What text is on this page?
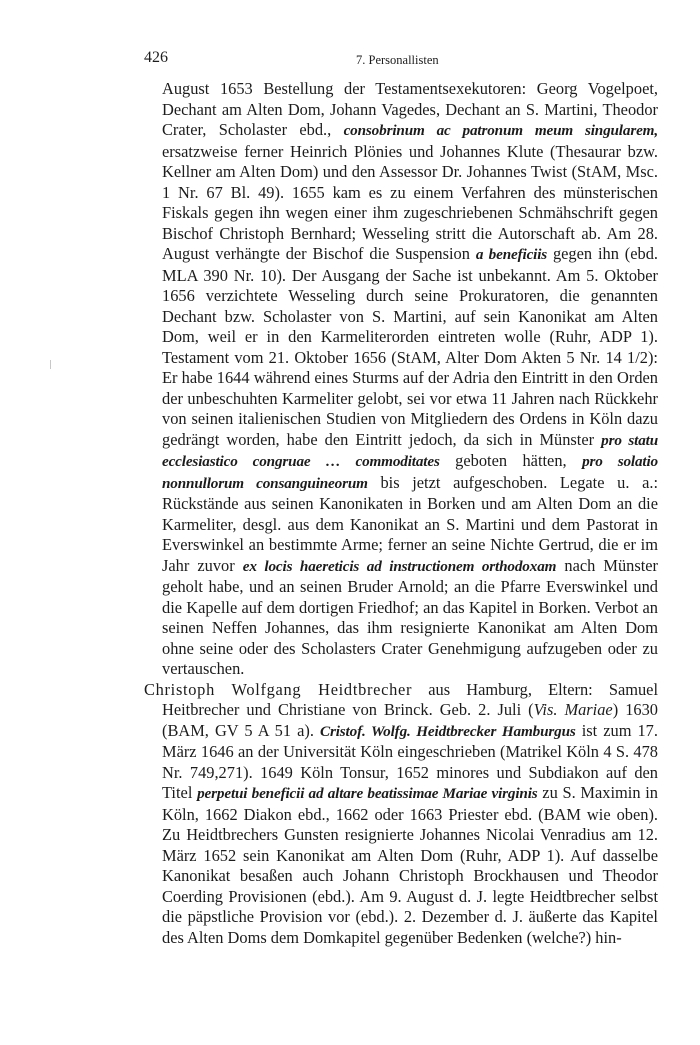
426	7. Personallisten

August 1653 Bestellung der Testamentsexekutoren: Georg Vogelpoet, Dechant am Alten Dom, Johann Vagedes, Dechant an S. Martini, Theodor Crater, Scholaster ebd., consobrinum ac patronum meum singularem, ersatzweise ferner Heinrich Plönies und Johannes Klute (Thesaurar bzw. Kellner am Alten Dom) und den Assessor Dr. Johannes Twist (StAM, Msc. 1 Nr. 67 Bl. 49). 1655 kam es zu einem Verfahren des münsterischen Fiskals gegen ihn wegen einer ihm zugeschriebenen Schmähschrift gegen Bischof Christoph Bernhard; Wesseling stritt die Autorschaft ab. Am 28. August verhängte der Bischof die Suspension a beneficiis gegen ihn (ebd. MLA 390 Nr. 10). Der Ausgang der Sache ist unbekannt. Am 5. Oktober 1656 verzichtete Wesseling durch seine Prokuratoren, die genannten Dechant bzw. Scholaster von S. Martini, auf sein Kanonikat am Alten Dom, weil er in den Karmeliterorden eintreten wolle (Ruhr, ADP 1). Testament vom 21. Oktober 1656 (StAM, Alter Dom Akten 5 Nr. 14 1/2): Er habe 1644 während eines Sturms auf der Adria den Eintritt in den Orden der unbeschuhten Karmeliter gelobt, sei vor etwa 11 Jahren nach Rückkehr von seinen italienischen Studien von Mitgliedern des Ordens in Köln dazu gedrängt worden, habe den Eintritt jedoch, da sich in Münster pro statu ecclesiastico congruae … commoditates geboten hätten, pro solatio nonnullorum consanguineorum bis jetzt aufgeschoben. Legate u. a.: Rückstände aus seinen Kanonikaten in Borken und am Alten Dom an die Karmeliter, desgl. aus dem Kanonikat an S. Martini und dem Pastorat in Everswinkel an bestimmte Arme; ferner an seine Nichte Gertrud, die er im Jahr zuvor ex locis haereticis ad instructionem orthodoxam nach Münster geholt habe, und an seinen Bruder Arnold; an die Pfarre Everswinkel und die Kapelle auf dem dortigen Friedhof; an das Kapitel in Borken. Verbot an seinen Neffen Johannes, das ihm resignierte Kanonikat am Alten Dom ohne seine oder des Scholasters Crater Genehmigung aufzugeben oder zu vertauschen.

Christoph Wolfgang Heidtbrecher aus Hamburg, Eltern: Samuel Heitbrecher und Christiane von Brinck. Geb. 2. Juli (Vis. Mariae) 1630 (BAM, GV 5 A 51 a). Cristof. Wolfg. Heidtbrecker Hamburgus ist zum 17. März 1646 an der Universität Köln eingeschrieben (Matrikel Köln 4 S. 478 Nr. 749,271). 1649 Köln Tonsur, 1652 minores und Subdiakon auf den Titel perpetui beneficii ad altare beatissimae Mariae virginis zu S. Maximin in Köln, 1662 Diakon ebd., 1662 oder 1663 Priester ebd. (BAM wie oben). Zu Heidtbrechers Gunsten resignierte Johannes Nicolai Venradius am 12. März 1652 sein Kanonikat am Alten Dom (Ruhr, ADP 1). Auf dasselbe Kanonikat besaßen auch Johann Christoph Brockhausen und Theodor Coerding Provisionen (ebd.). Am 9. August d. J. legte Heidtbrecher selbst die päpstliche Provision vor (ebd.). 2. Dezember d. J. äußerte das Kapitel des Alten Doms dem Domkapitel gegenüber Bedenken (welche?) hin-
